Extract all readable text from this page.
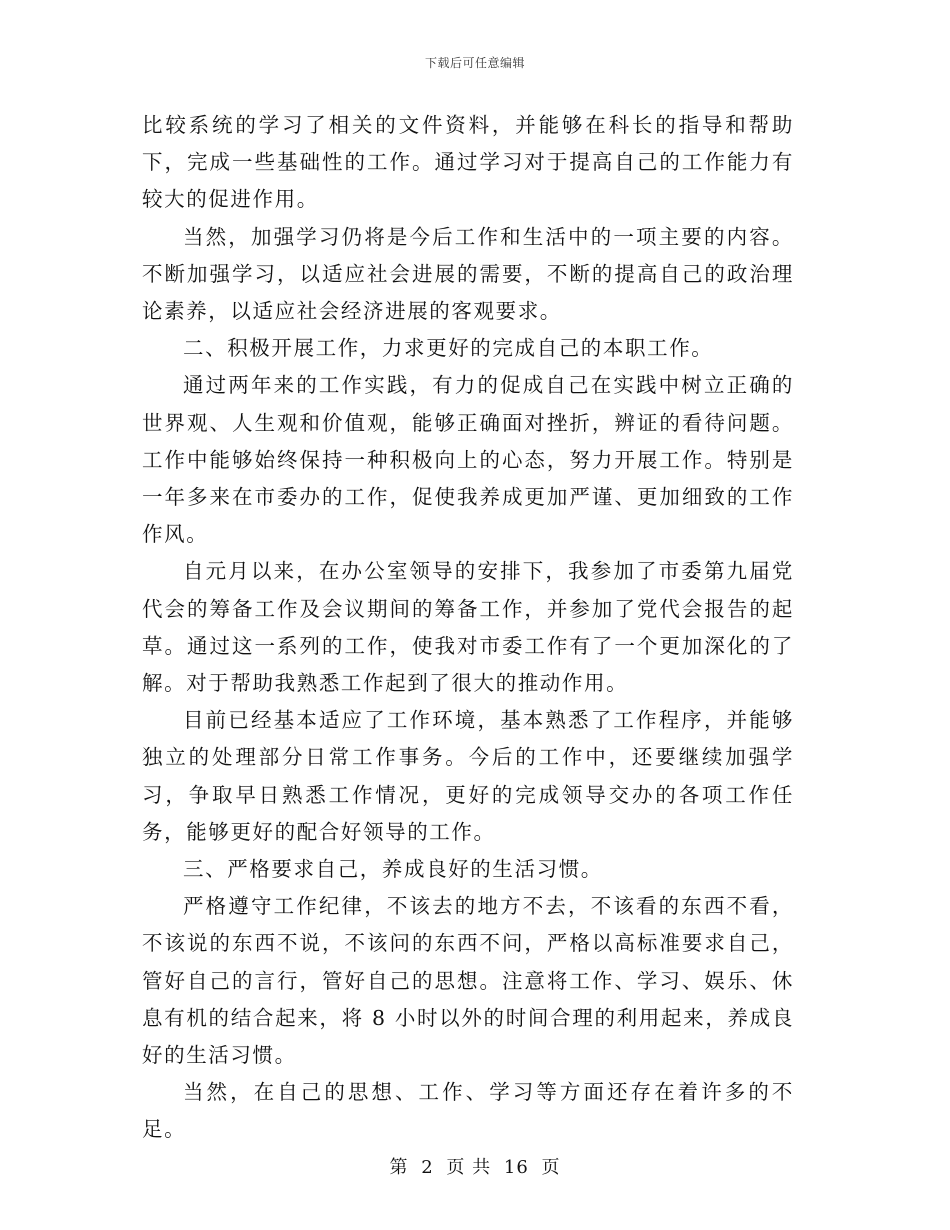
下载后可任意编辑

比较系统的学习了相关的文件资料，并能够在科长的指导和帮助下，完成一些基础性的工作。通过学习对于提高自己的工作能力有较大的促进作用。

当然，加强学习仍将是今后工作和生活中的一项主要的内容。不断加强学习，以适应社会进展的需要，不断的提高自己的政治理论素养，以适应社会经济进展的客观要求。

二、积极开展工作，力求更好的完成自己的本职工作。

通过两年来的工作实践，有力的促成自己在实践中树立正确的世界观、人生观和价值观，能够正确面对挫折，辨证的看待问题。工作中能够始终保持一种积极向上的心态，努力开展工作。特别是一年多来在市委办的工作，促使我养成更加严谨、更加细致的工作作风。

自元月以来，在办公室领导的安排下，我参加了市委第九届党代会的筹备工作及会议期间的筹备工作，并参加了党代会报告的起草。通过这一系列的工作，使我对市委工作有了一个更加深化的了解。对于帮助我熟悉工作起到了很大的推动作用。

目前已经基本适应了工作环境，基本熟悉了工作程序，并能够独立的处理部分日常工作事务。今后的工作中，还要继续加强学习，争取早日熟悉工作情况，更好的完成领导交办的各项工作任务，能够更好的配合好领导的工作。

三、严格要求自己，养成良好的生活习惯。

严格遵守工作纪律，不该去的地方不去，不该看的东西不看，不该说的东西不说，不该问的东西不问，严格以高标准要求自己，管好自己的言行，管好自己的思想。注意将工作、学习、娱乐、休息有机的结合起来，将 8 小时以外的时间合理的利用起来，养成良好的生活习惯。

当然，在自己的思想、工作、学习等方面还存在着许多的不足。

第 2 页 共 16 页
